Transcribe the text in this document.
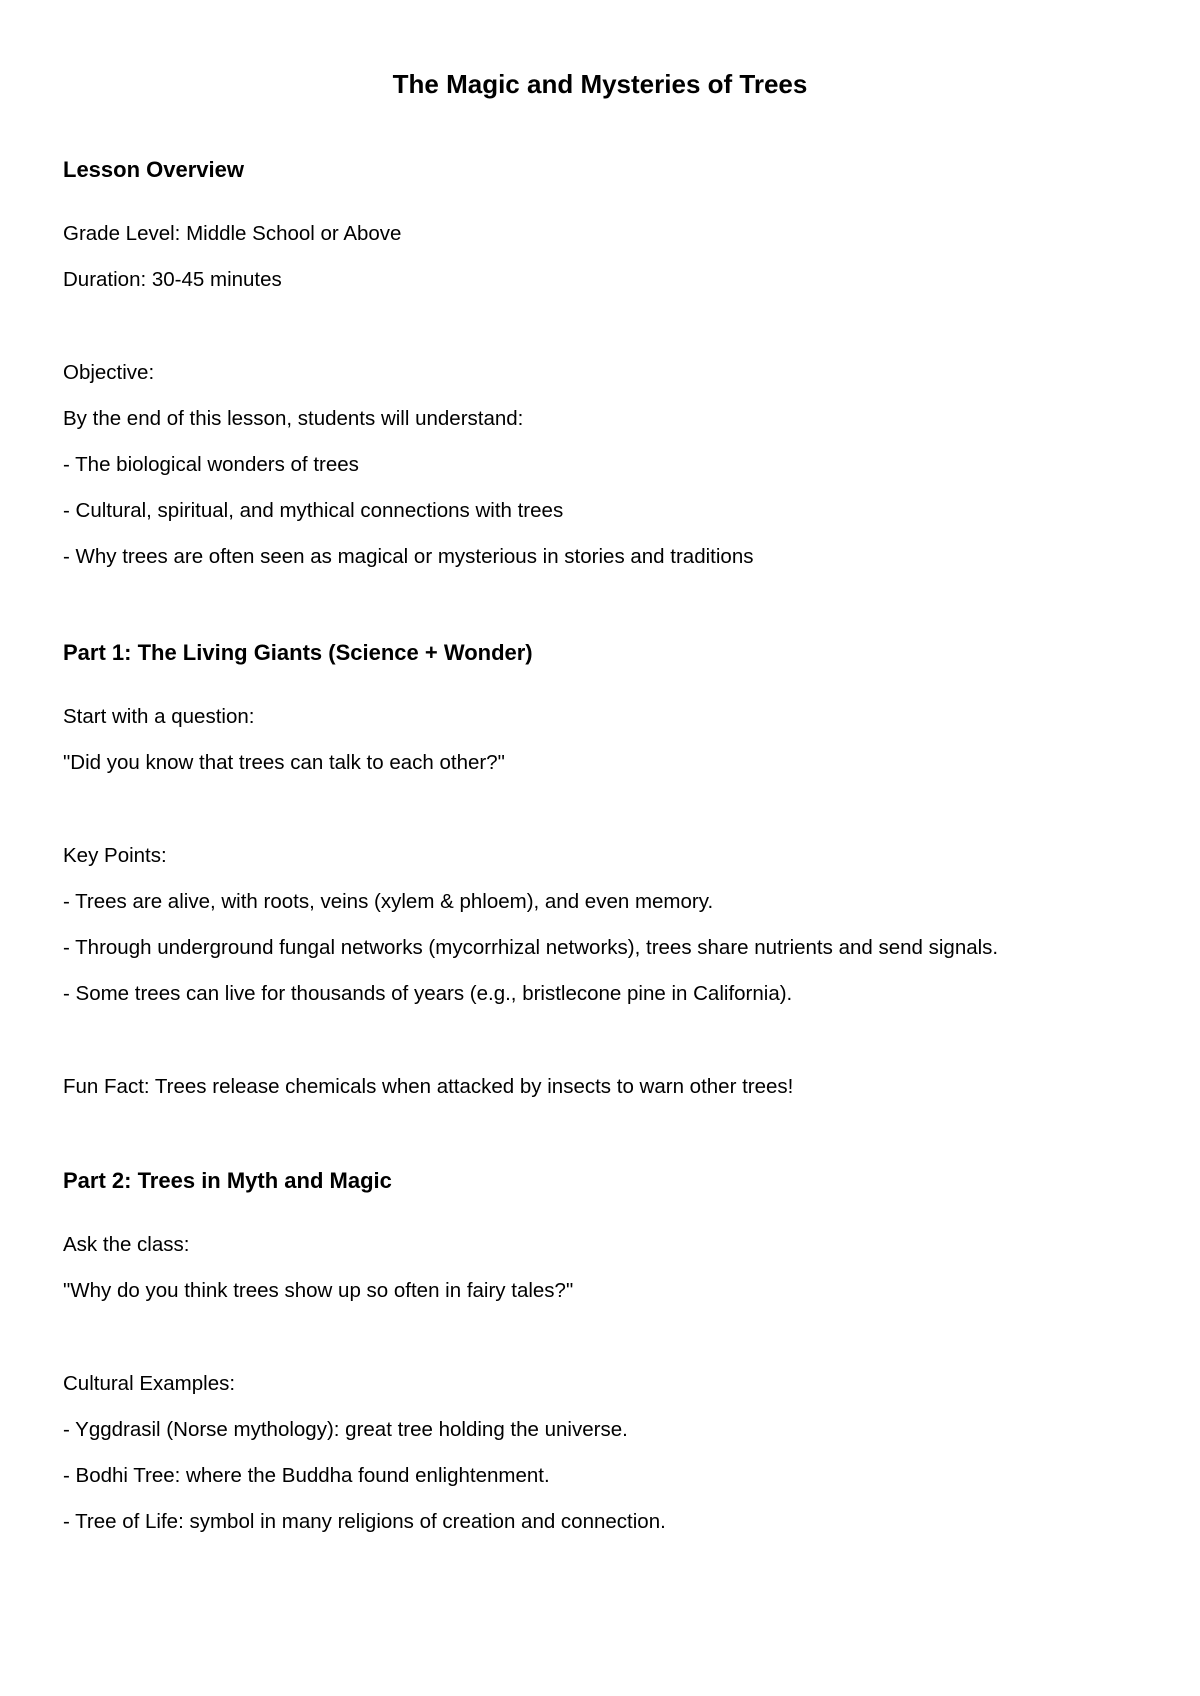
The Magic and Mysteries of Trees
Lesson Overview
Grade Level: Middle School or Above
Duration: 30-45 minutes
Objective:
By the end of this lesson, students will understand:
- The biological wonders of trees
- Cultural, spiritual, and mythical connections with trees
- Why trees are often seen as magical or mysterious in stories and traditions
Part 1: The Living Giants (Science + Wonder)
Start with a question:
"Did you know that trees can talk to each other?"
Key Points:
- Trees are alive, with roots, veins (xylem & phloem), and even memory.
- Through underground fungal networks (mycorrhizal networks), trees share nutrients and send signals.
- Some trees can live for thousands of years (e.g., bristlecone pine in California).
Fun Fact: Trees release chemicals when attacked by insects to warn other trees!
Part 2: Trees in Myth and Magic
Ask the class:
"Why do you think trees show up so often in fairy tales?"
Cultural Examples:
- Yggdrasil (Norse mythology): great tree holding the universe.
- Bodhi Tree: where the Buddha found enlightenment.
- Tree of Life: symbol in many religions of creation and connection.
